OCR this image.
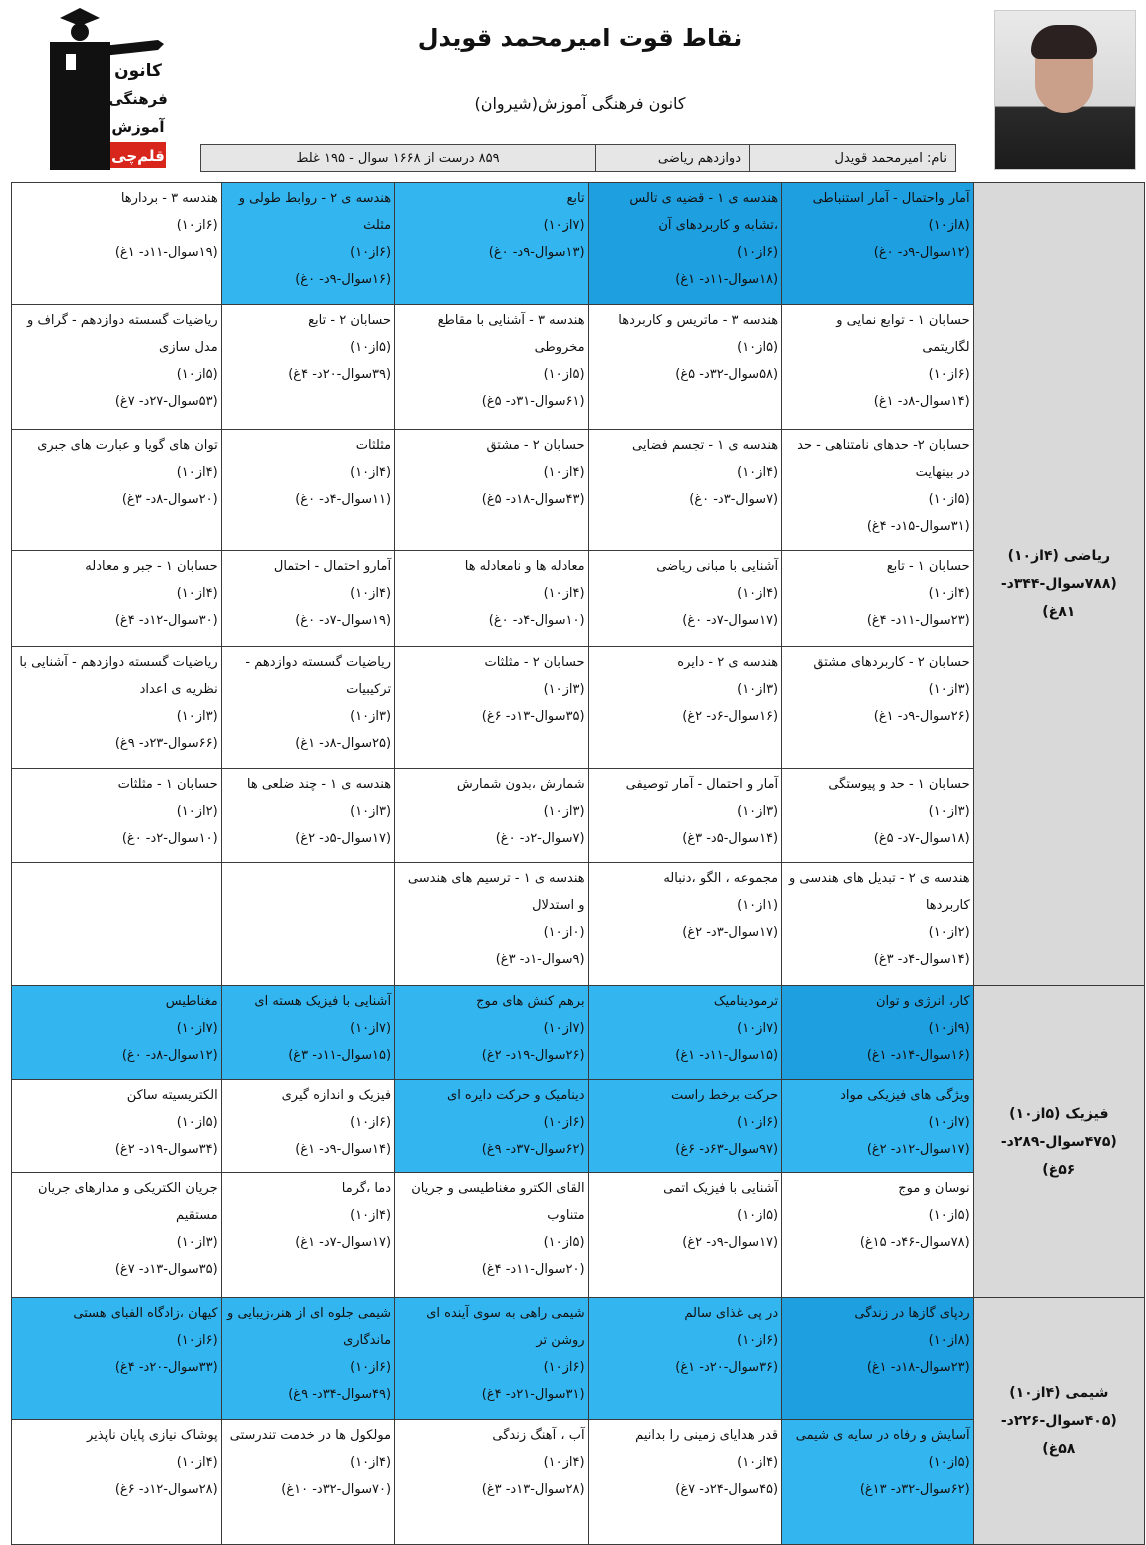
کانون
فرهنگی
آموزش
قلم‌چی
نقاط قوت امیرمحمد قویدل
کانون فرهنگی آموزش(شیروان)
نام: امیرمحمد قویدل
دوازدهم ریاضی
۸۵۹ درست از ۱۶۶۸ سوال - ۱۹۵ غلط
ریاضی (۴از۱۰)
(۷۸۸سوال-۳۴۴د-
۸۱غ)	آمار واحتمال - آمار استنباطی
(۸از۱۰)
(۱۲سوال-۹د- ۰غ)	هندسه ی ۱ - قضیه ی تالس ،تشابه و کاربردهای آن
(۶از۱۰)
(۱۸سوال-۱۱د- ۱غ)	تابع
(۷از۱۰)
(۱۳سوال-۹د- ۰غ)	هندسه ی ۲ - روابط طولی و مثلث
(۶از۱۰)
(۱۶سوال-۹د- ۰غ)	هندسه ۳ - بردارها
(۶از۱۰)
(۱۹سوال-۱۱د- ۱غ)

	حسابان ۱ - توابع نمایی و لگاریتمی
(۶از۱۰)
(۱۴سوال-۸د- ۱غ)	هندسه ۳ - ماتریس و کاربردها
(۵از۱۰)
(۵۸سوال-۳۲د- ۵غ)	هندسه ۳ - آشنایی با مقاطع مخروطی
(۵از۱۰)
(۶۱سوال-۳۱د- ۵غ)	حسابان ۲ - تابع
(۵از۱۰)
(۳۹سوال-۲۰د- ۴غ)	ریاضیات گسسته دوازدهم - گراف و مدل سازی
(۵از۱۰)
(۵۳سوال-۲۷د- ۷غ)

	حسابان ۲- حدهای نامتناهی - حد در بینهایت
(۵از۱۰)
(۳۱سوال-۱۵د- ۴غ)	هندسه ی ۱ - تجسم فضایی
(۴از۱۰)
(۷سوال-۳د- ۰غ)	حسابان ۲ - مشتق
(۴از۱۰)
(۴۳سوال-۱۸د- ۵غ)	مثلثات
(۴از۱۰)
(۱۱سوال-۴د- ۰غ)	توان های گویا و عبارت های جبری
(۴از۱۰)
(۲۰سوال-۸د- ۳غ)

	حسابان ۱ - تابع
(۴از۱۰)
(۲۳سوال-۱۱د- ۴غ)	آشنایی با مبانی ریاضی
(۴از۱۰)
(۱۷سوال-۷د- ۰غ)	معادله ها و نامعادله ها
(۴از۱۰)
(۱۰سوال-۴د- ۰غ)	آمارو احتمال - احتمال
(۴از۱۰)
(۱۹سوال-۷د- ۰غ)	حسابان ۱ - جبر و معادله
(۴از۱۰)
(۳۰سوال-۱۲د- ۴غ)

	حسابان ۲ - کاربردهای مشتق
(۳از۱۰)
(۲۶سوال-۹د- ۱غ)	هندسه ی ۲ - دایره
(۳از۱۰)
(۱۶سوال-۶د- ۲غ)	حسابان ۲ - مثلثات
(۳از۱۰)
(۳۵سوال-۱۳د- ۶غ)	ریاضیات گسسته دوازدهم - ترکیبیات
(۳از۱۰)
(۲۵سوال-۸د- ۱غ)	ریاضیات گسسته دوازدهم - آشنایی با نظریه ی اعداد
(۳از۱۰)
(۶۶سوال-۲۳د- ۹غ)

	حسابان ۱ - حد و پیوستگی
(۳از۱۰)
(۱۸سوال-۷د- ۵غ)	آمار و احتمال - آمار توصیفی
(۳از۱۰)
(۱۴سوال-۵د- ۳غ)	شمارش ،بدون شمارش
(۳از۱۰)
(۷سوال-۲د- ۰غ)	هندسه ی ۱ - چند ضلعی ها
(۳از۱۰)
(۱۷سوال-۵د- ۲غ)	حسابان ۱ - مثلثات
(۲از۱۰)
(۱۰سوال-۲د- ۰غ)

	هندسه ی ۲ - تبدیل های هندسی و کاربردها
(۲از۱۰)
(۱۴سوال-۴د- ۳غ)	مجموعه ، الگو ،دنباله
(۱از۱۰)
(۱۷سوال-۳د- ۲غ)	هندسه ی ۱ - ترسیم های هندسی و استدلال
(۰از۱۰)
(۹سوال-۱د- ۳غ)		

فیزیک (۵از۱۰)
(۴۷۵سوال-۲۸۹د-
۵۶غ)	کار، انرژی و توان
(۹از۱۰)
(۱۶سوال-۱۴د- ۱غ)	ترمودینامیک
(۷از۱۰)
(۱۵سوال-۱۱د- ۱غ)	برهم کنش های موج
(۷از۱۰)
(۲۶سوال-۱۹د- ۲غ)	آشنایی با فیزیک هسته ای
(۷از۱۰)
(۱۵سوال-۱۱د- ۳غ)	مغناطیس
(۷از۱۰)
(۱۲سوال-۸د- ۰غ)

	ویژگی های فیزیکی مواد
(۷از۱۰)
(۱۷سوال-۱۲د- ۲غ)	حرکت برخط راست
(۶از۱۰)
(۹۷سوال-۶۳د- ۶غ)	دینامیک و حرکت دایره ای
(۶از۱۰)
(۶۲سوال-۳۷د- ۹غ)	فیزیک و اندازه گیری
(۶از۱۰)
(۱۴سوال-۹د- ۱غ)	الکتریسیته ساکن
(۵از۱۰)
(۳۴سوال-۱۹د- ۲غ)

	نوسان و موج
(۵از۱۰)
(۷۸سوال-۴۶د- ۱۵غ)	آشنایی با فیزیک اتمی
(۵از۱۰)
(۱۷سوال-۹د- ۲غ)	القای الکترو مغناطیسی و جریان متناوب
(۵از۱۰)
(۲۰سوال-۱۱د- ۴غ)	دما ،گرما
(۴از۱۰)
(۱۷سوال-۷د- ۱غ)	جریان الکتریکی و مدارهای جریان مستقیم
(۳از۱۰)
(۳۵سوال-۱۳د- ۷غ)

شیمی (۴از۱۰)
(۴۰۵سوال-۲۲۶د-
۵۸غ)	ردپای گازها در زندگی
(۸از۱۰)
(۲۳سوال-۱۸د- ۱غ)	در پی غذای سالم
(۶از۱۰)
(۳۶سوال-۲۰د- ۱غ)	شیمی راهی به سوی آینده ای روشن تر
(۶از۱۰)
(۳۱سوال-۲۱د- ۴غ)	شیمی جلوه ای از هنر،زیبایی و ماندگاری
(۶از۱۰)
(۴۹سوال-۳۴د- ۹غ)	کیهان ،زادگاه الفبای هستی
(۶از۱۰)
(۳۳سوال-۲۰د- ۴غ)

	آسایش و رفاه در سایه ی شیمی
(۵از۱۰)
(۶۲سوال-۳۲د- ۱۳غ)	قدر هدایای زمینی را بدانیم
(۴از۱۰)
(۴۵سوال-۲۴د- ۷غ)	آب ، آهنگ زندگی
(۴از۱۰)
(۲۸سوال-۱۳د- ۳غ)	مولکول ها در خدمت تندرستی
(۴از۱۰)
(۷۰سوال-۳۲د- ۱۰غ)	پوشاک نیازی پایان ناپذیر
(۴از۱۰)
(۲۸سوال-۱۲د- ۶غ)
